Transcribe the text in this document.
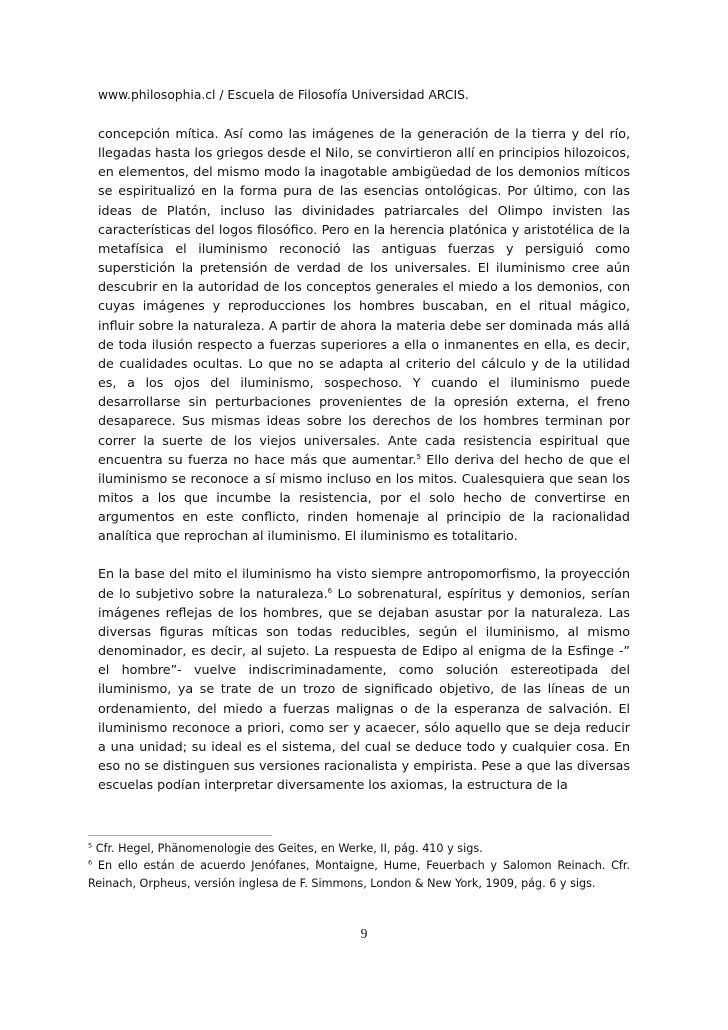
www.philosophia.cl / Escuela de Filosofía Universidad ARCIS.

concepción mítica. Así como las imágenes de la generación de la tierra y del río, llegadas hasta los griegos desde el Nilo, se convirtieron allí en principios hilozoicos, en elementos, del mismo modo la inagotable ambigüedad de los demonios míticos se espiritualizó en la forma pura de las esencias ontológicas. Por último, con las ideas de Platón, incluso las divinidades patriarcales del Olimpo invisten las características del logos filosófico. Pero en la herencia platónica y aristotélica de la metafísica el iluminismo reconoció las antiguas fuerzas y persiguió como superstición la pretensión de verdad de los universales. El iluminismo cree aún descubrir en la autoridad de los conceptos generales el miedo a los demonios, con cuyas imágenes y reproducciones los hombres buscaban, en el ritual mágico, influir sobre la naturaleza. A partir de ahora la materia debe ser dominada más allá de toda ilusión respecto a fuerzas superiores a ella o inmanentes en ella, es decir, de cualidades ocultas. Lo que no se adapta al criterio del cálculo y de la utilidad es, a los ojos del iluminismo, sospechoso. Y cuando el iluminismo puede desarrollarse sin perturbaciones provenientes de la opresión externa, el freno desaparece. Sus mismas ideas sobre los derechos de los hombres terminan por correr la suerte de los viejos universales. Ante cada resistencia espiritual que encuentra su fuerza no hace más que aumentar.$^5$ Ello deriva del hecho de que el iluminismo se reconoce a sí mismo incluso en los mitos. Cualesquiera que sean los mitos a los que incumbe la resistencia, por el solo hecho de convertirse en argumentos en este conflicto, rinden homenaje al principio de la racionalidad analítica que reprochan al iluminismo. El iluminismo es totalitario.

En la base del mito el iluminismo ha visto siempre antropomorfismo, la proyección de lo subjetivo sobre la naturaleza.$^6$ Lo sobrenatural, espíritus y demonios, serían imágenes reflejas de los hombres, que se dejaban asustar por la naturaleza. Las diversas figuras míticas son todas reducibles, según el iluminismo, al mismo denominador, es decir, al sujeto. La respuesta de Edipo al enigma de la Esfinge -” el hombre”- vuelve indiscriminadamente, como solución estereotipada del iluminismo, ya se trate de un trozo de significado objetivo, de las líneas de un ordenamiento, del miedo a fuerzas malignas o de la esperanza de salvación. El iluminismo reconoce a priori, como ser y acaecer, sólo aquello que se deja reducir a una unidad; su ideal es el sistema, del cual se deduce todo y cualquier cosa. En eso no se distinguen sus versiones racionalista y empirista. Pese a que las diversas escuelas podían interpretar diversamente los axiomas, la estructura de la

$^5$ Cfr. Hegel, Phänomenologie des Geites, en Werke, II, pág. 410 y sigs.

$^6$ En ello están de acuerdo Jenófanes, Montaigne, Hume, Feuerbach y Salomon Reinach. Cfr. Reinach, Orpheus, versión inglesa de F. Simmons, London & New York, 1909, pág. 6 y sigs.

9
